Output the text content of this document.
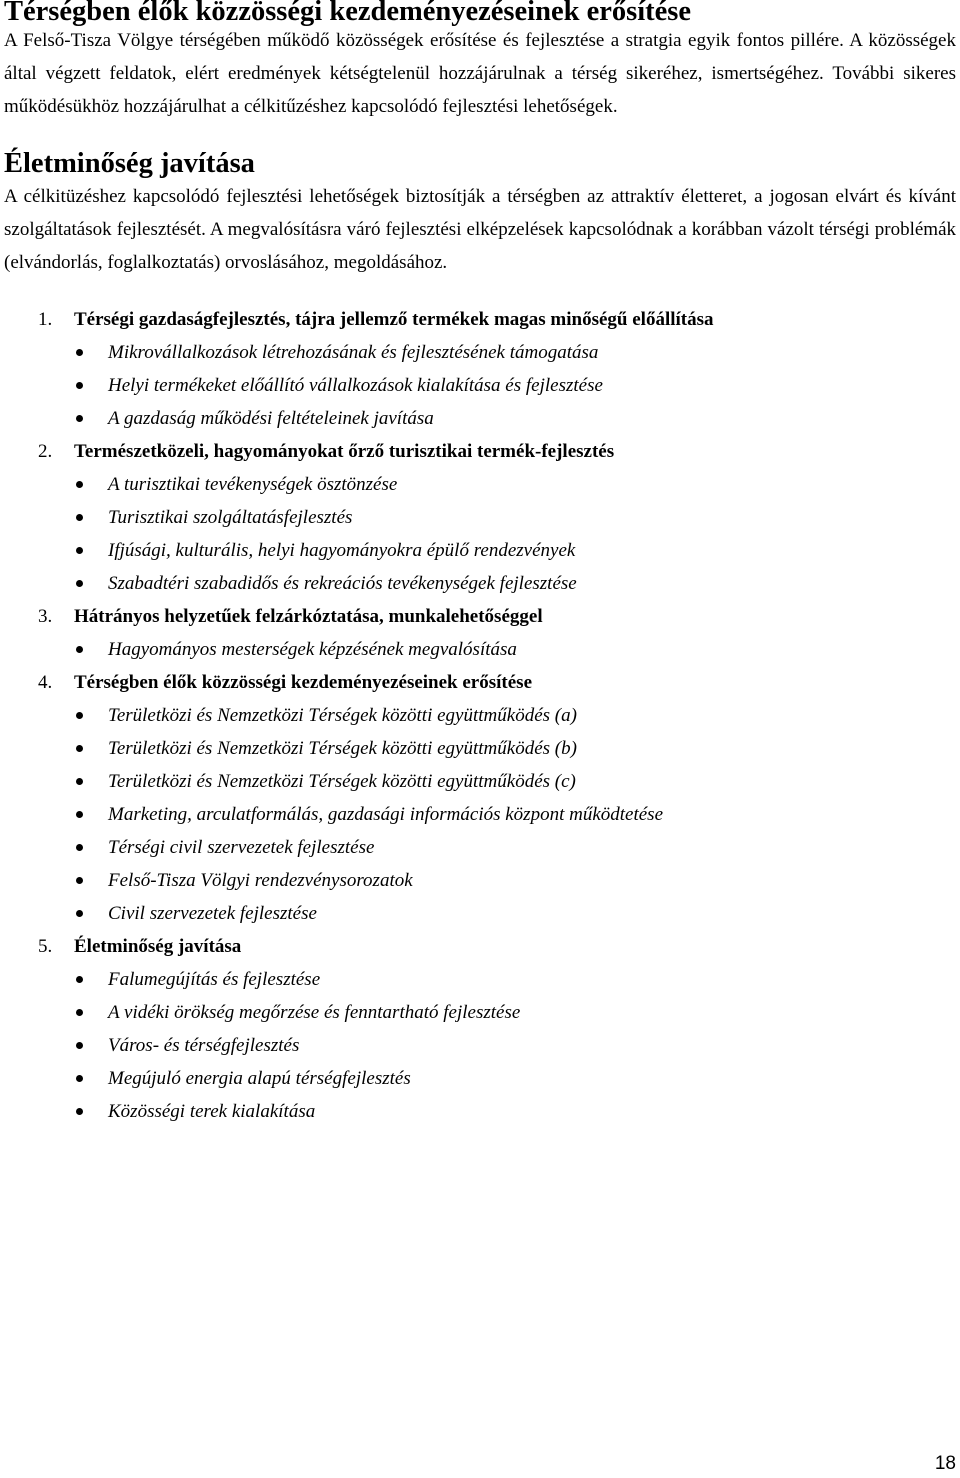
Térségben élők közzösségi kezdeményezéseinek erősítése

A Felső-Tisza Völgye térségében működő közösségek erősítése és fejlesztése a stratgia egyik fontos pillére. A közösségek által végzett feldatok, elért eredmények kétségtelenül hozzájárulnak a térség sikeréhez, ismertségéhez. További sikeres működésükhöz hozzájárulhat a célkitűzéshez kapcsolódó fejlesztési lehetőségek.

Életminőség javítása

A célkitüzéshez kapcsolódó fejlesztési lehetőségek biztosítják a térségben az attraktív életteret, a jogosan elvárt és kívánt szolgáltatások fejlesztését. A megvalósításra váró fejlesztési elképzelések kapcsolódnak a korábban vázolt térségi problémák (elvándorlás, foglalkoztatás) orvoslásához, megoldásához.

1. Térségi gazdaságfejlesztés, tájra jellemző termékek magas minőségű előállítása
Mikrovállalkozások létrehozásának és fejlesztésének támogatása
Helyi termékeket előállító vállalkozások kialakítása és fejlesztése
A gazdaság működési feltételeinek javítása
2. Természetközeli, hagyományokat őrző turisztikai termék-fejlesztés
A turisztikai tevékenységek ösztönzése
Turisztikai szolgáltatásfejlesztés
Ifjúsági, kulturális, helyi hagyományokra épülő rendezvények
Szabadtéri szabadidős és rekreációs tevékenységek fejlesztése
3. Hátrányos helyzetűek felzárkóztatása, munkalehetőséggel
Hagyományos mesterségek képzésének megvalósítása
4. Térségben élők közzösségi kezdeményezéseinek erősítése
Területközi és Nemzetközi Térségek közötti együttműködés (a)
Területközi és Nemzetközi Térségek közötti együttműködés (b)
Területközi és Nemzetközi Térségek közötti együttműködés (c)
Marketing, arculatformálás, gazdasági információs központ működtetése
Térségi civil szervezetek fejlesztése
Felső-Tisza Völgyi rendezvénysorozatok
Civil szervezetek fejlesztése
5. Életminőség javítása
Falumegújítás és fejlesztése
A vidéki örökség megőrzése és fenntartható fejlesztése
Város- és térségfejlesztés
Megújuló energia alapú térségfejlesztés
Közösségi terek kialakítása
18
